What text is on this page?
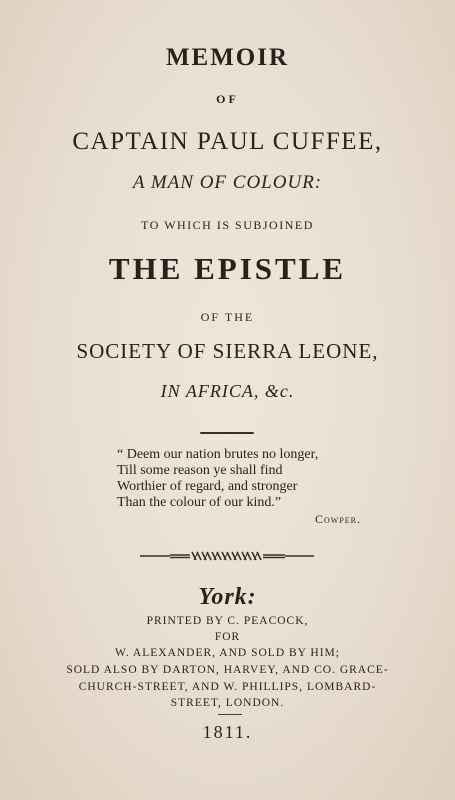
MEMOIR
OF
CAPTAIN PAUL CUFFEE,
A MAN OF COLOUR:
TO WHICH IS SUBJOINED
THE EPISTLE
OF THE
SOCIETY OF SIERRA LEONE,
IN AFRICA, &c.
“ Deem our nation brutes no longer,
Till some reason ye shall find
Worthier of regard, and stronger
Than the colour of our kind.”
Cowper.
York:
PRINTED BY C. PEACOCK,
FOR
W. ALEXANDER, AND SOLD BY HIM;
SOLD ALSO BY DARTON, HARVEY, AND CO. GRACE-
CHURCH-STREET, AND W. PHILLIPS, LOMBARD-
STREET, LONDON.
1811.
